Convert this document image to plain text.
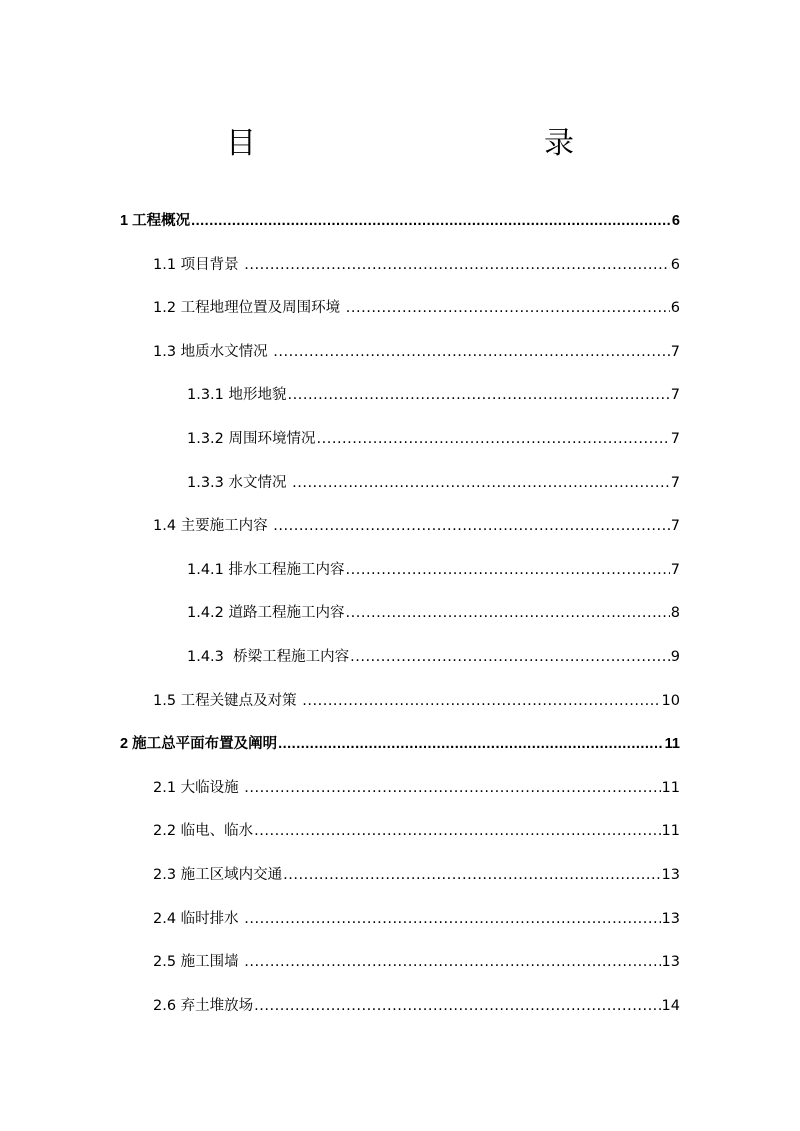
目　　录
1 工程概况 .....	6
1.1 项目背景 .....	6
1.2 工程地理位置及周围环境 .....	6
1.3 地质水文情况 .....	7
1.3.1 地形地貌 .....	7
1.3.2 周围环境情况 .....	7
1.3.3 水文情况 .....	7
1.4 主要施工内容 .....	7
1.4.1 排水工程施工内容 .....	7
1.4.2 道路工程施工内容 .....	8
1.4.3  桥梁工程施工内容 .....	9
1.5 工程关键点及对策 .....	10
2 施工总平面布置及阐明 .....	11
2.1 大临设施 .....	11
2.2 临电、临水 .....	11
2.3 施工区域内交通 .....	13
2.4 临时排水 .....	13
2.5 施工围墙 .....	13
2.6 弃土堆放场 .....	14
